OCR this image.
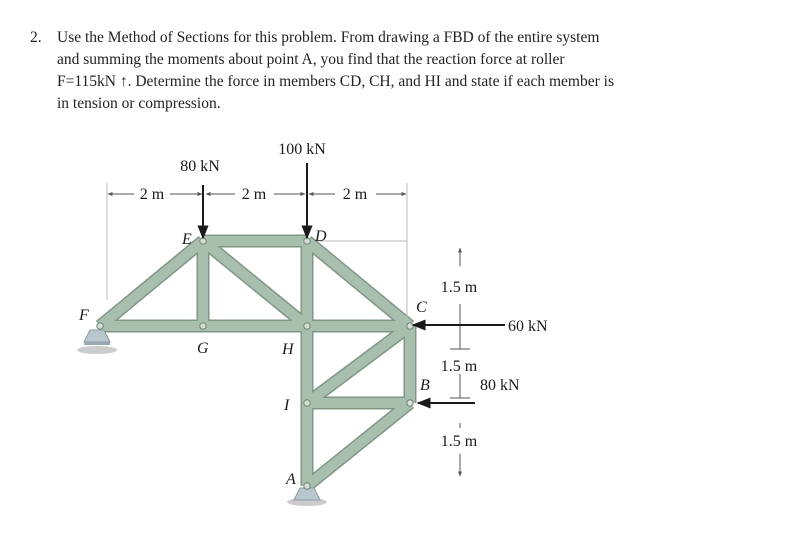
2. Use the Method of Sections for this problem. From drawing a FBD of the entire system
and summing the moments about point A, you find that the reaction force at roller
F=115kN ↑. Determine the force in members CD, CH, and HI and state if each member is
in tension or compression.
80 kN
100 kN
60 kN
80 kN
2 m	2 m	2 m
1.5 m
1.5 m
1.5 m
E	D
F	C
G	H
B
I
A
